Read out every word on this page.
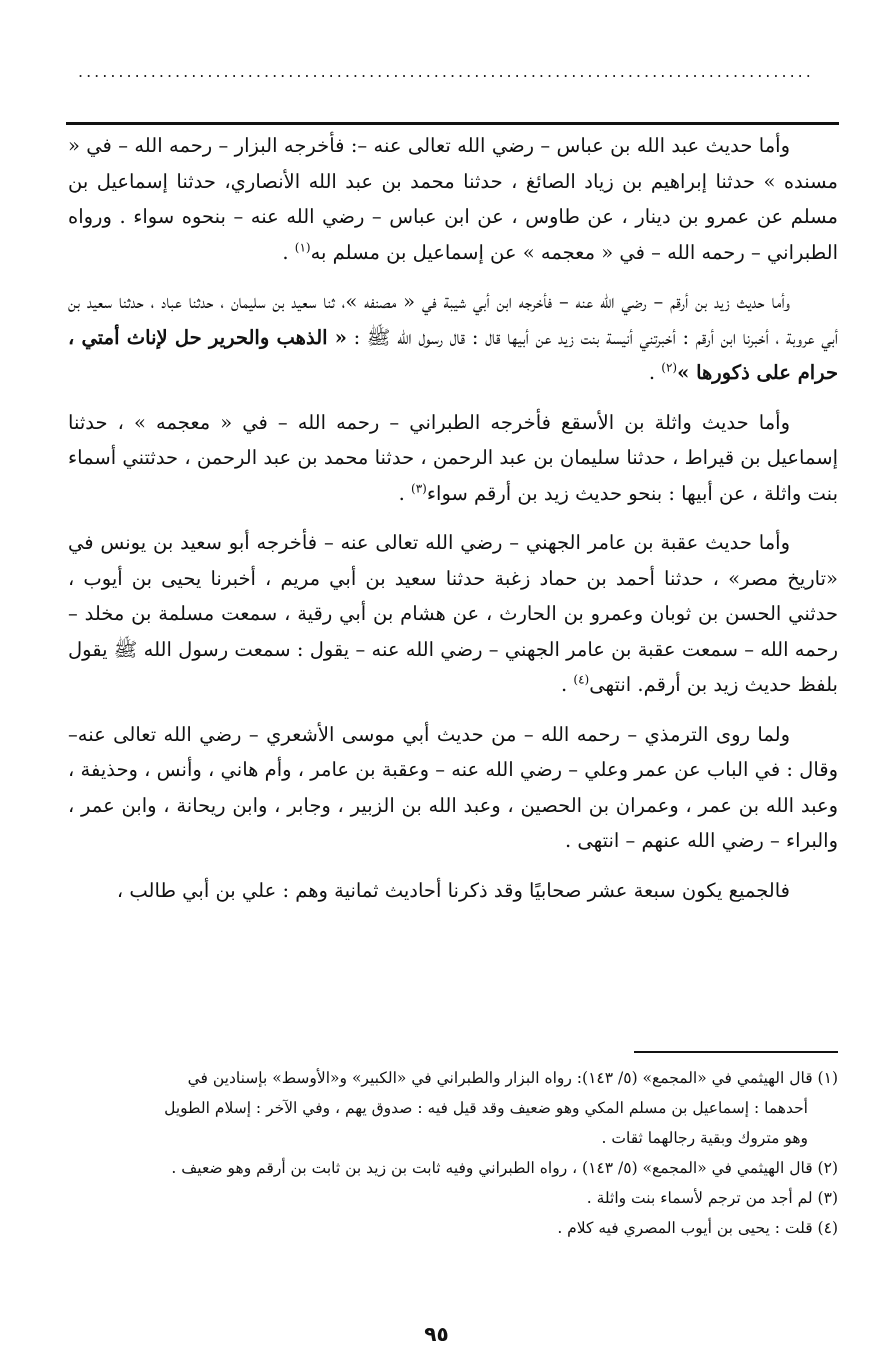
...........................................................................................

وأما حديث عبد الله بن عباس – رضي الله تعالى عنه –: فأخرجه البزار – رحمه الله – في « مسنده » حدثنا إبراهيم بن زياد الصائغ ، حدثنا محمد بن عبد الله الأنصاري، حدثنا إسماعيل بن مسلم عن عمرو بن دينار ، عن طاوس ، عن ابن عباس – رضي الله عنه – بنحوه سواء . ورواه الطبراني – رحمه الله – في « معجمه » عن إسماعيل بن مسلم به$^{(١)}$ .

وأما حديث زيد بن أرقم – رضي الله عنه – فأخرجه ابن أبي شيبة في « مصنفه »، ثنا سعيد بن سليمان ، حدثنا عباد ، حدثنا سعيد بن أبي عروبة ، أخبرنا ابن أرقم : أخبرتني أنيسة بنت زيد عن أبيها قال : قال رسول الله ﷺ : « الذهب والحرير حل لإناث أمتي ، حرام على ذكورها »$^{(٢)}$ .

وأما حديث واثلة بن الأسقع فأخرجه الطبراني – رحمه الله – في « معجمه » ، حدثنا إسماعيل بن قيراط ، حدثنا سليمان بن عبد الرحمن ، حدثنا محمد بن عبد الرحمن ، حدثتني أسماء بنت واثلة ، عن أبيها : بنحو حديث زيد بن أرقم سواء$^{(٣)}$ .

وأما حديث عقبة بن عامر الجهني – رضي الله تعالى عنه – فأخرجه أبو سعيد بن يونس في «تاريخ مصر» ، حدثنا أحمد بن حماد زغبة حدثنا سعيد بن أبي مريم ، أخبرنا يحيى بن أيوب ، حدثني الحسن بن ثوبان وعمرو بن الحارث ، عن هشام بن أبي رقية ، سمعت مسلمة بن مخلد – رحمه الله – سمعت عقبة بن عامر الجهني – رضي الله عنه – يقول : سمعت رسول الله ﷺ يقول بلفظ حديث زيد بن أرقم. انتهى$^{(٤)}$ .

ولما روى الترمذي – رحمه الله – من حديث أبي موسى الأشعري – رضي الله تعالى عنه– وقال : في الباب عن عمر وعلي – رضي الله عنه – وعقبة بن عامر ، وأم هاني ، وأنس ، وحذيفة ، وعبد الله بن عمر ، وعمران بن الحصين ، وعبد الله بن الزبير ، وجابر ، وابن ريحانة ، وابن عمر ، والبراء – رضي الله عنهم – انتهى .

فالجميع يكون سبعة عشر صحابيًا وقد ذكرنا أحاديث ثمانية وهم : علي بن أبي طالب ،

(١) قال الهيثمي في «المجمع» (٥/ ١٤٣): رواه البزار والطبراني في «الكبير» و«الأوسط» بإسنادين في

أحدهما : إسماعيل بن مسلم المكي وهو ضعيف وقد قيل فيه : صدوق يهم ، وفي الآخر : إسلام الطويل

وهو متروك وبقية رجالهما ثقات .

(٢) قال الهيثمي في «المجمع» (٥/ ١٤٣) ، رواه الطبراني وفيه ثابت بن زيد بن ثابت بن أرقم وهو ضعيف .

(٣) لم أجد من ترجم لأسماء بنت واثلة .

(٤) قلت : يحيى بن أيوب المصري فيه كلام .

٩٥
